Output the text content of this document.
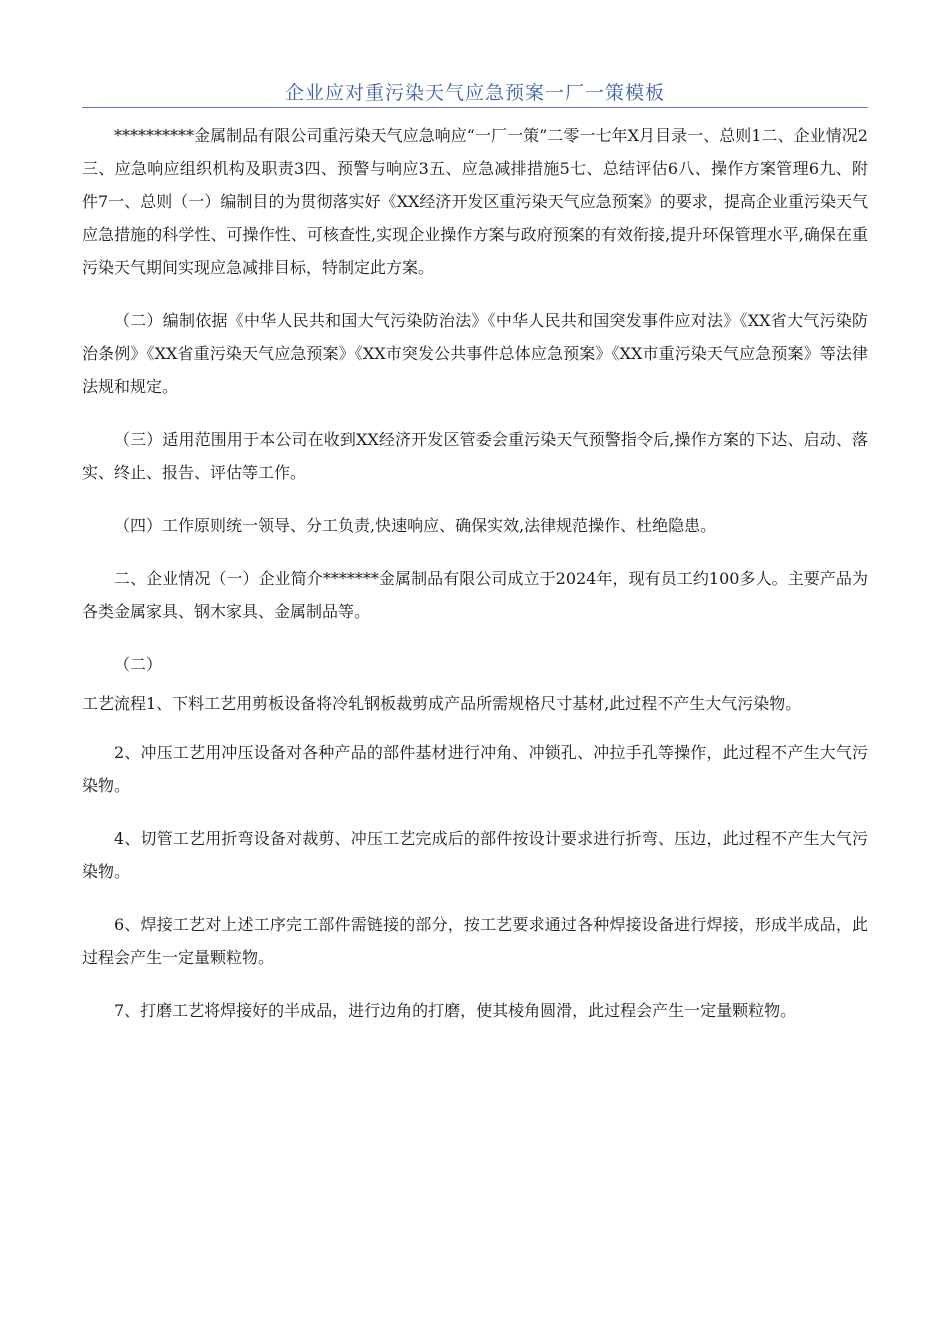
企业应对重污染天气应急预案一厂一策模板

**********金属制品有限公司重污染天气应急响应“一厂一策”二零一七年X月目录一、总则1二、企业情况2三、应急响应组织机构及职责3四、预警与响应3五、应急减排措施5七、总结评估6八、操作方案管理6九、附件7一、总则（一）编制目的为贯彻落实好《XX经济开发区重污染天气应急预案》的要求，提高企业重污染天气应急措施的科学性、可操作性、可核查性,实现企业操作方案与政府预案的有效衔接,提升环保管理水平,确保在重污染天气期间实现应急减排目标，特制定此方案。

（二）编制依据《中华人民共和国大气污染防治法》《中华人民共和国突发事件应对法》《XX省大气污染防治条例》《XX省重污染天气应急预案》《XX市突发公共事件总体应急预案》《XX市重污染天气应急预案》等法律法规和规定。

（三）适用范围用于本公司在收到XX经济开发区管委会重污染天气预警指令后,操作方案的下达、启动、落实、终止、报告、评估等工作。

（四）工作原则统一领导、分工负责,快速响应、确保实效,法律规范操作、杜绝隐患。

二、企业情况（一）企业简介*******金属制品有限公司成立于2024年，现有员工约100多人。主要产品为各类金属家具、钢木家具、金属制品等。

（二）

工艺流程1、下料工艺用剪板设备将冷轧钢板裁剪成产品所需规格尺寸基材,此过程不产生大气污染物。

2、冲压工艺用冲压设备对各种产品的部件基材进行冲角、冲锁孔、冲拉手孔等操作，此过程不产生大气污染物。

4、切管工艺用折弯设备对裁剪、冲压工艺完成后的部件按设计要求进行折弯、压边，此过程不产生大气污染物。

6、焊接工艺对上述工序完工部件需链接的部分，按工艺要求通过各种焊接设备进行焊接，形成半成品，此过程会产生一定量颗粒物。

7、打磨工艺将焊接好的半成品，进行边角的打磨，使其棱角圆滑，此过程会产生一定量颗粒物。
